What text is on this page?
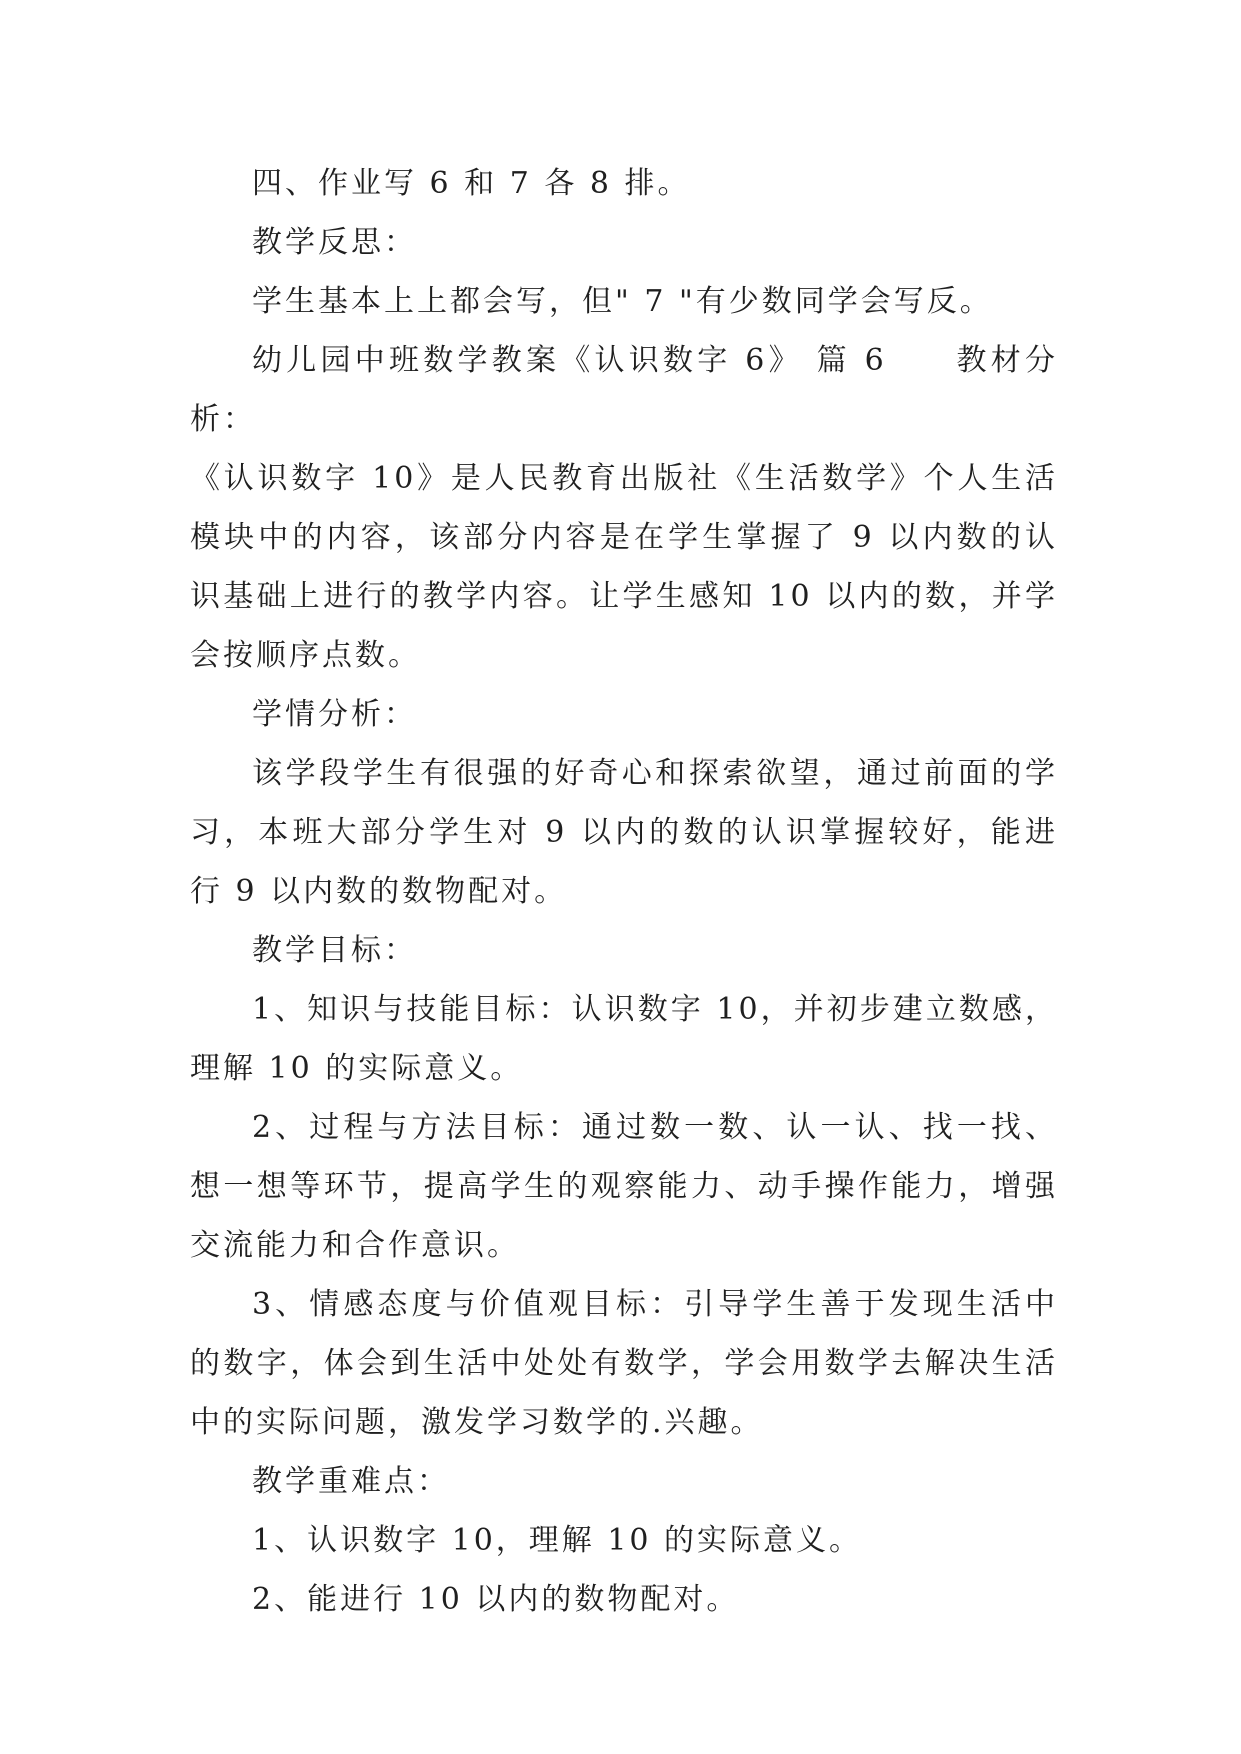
四、作业写 6 和 7 各 8 排。

教学反思：

学生基本上上都会写，但" 7 "有少数同学会写反。

幼儿园中班数学教案《认识数字 6》 篇 6　　教材分析：

《认识数字 10》是人民教育出版社《生活数学》个人生活模块中的内容，该部分内容是在学生掌握了 9 以内数的认识基础上进行的教学内容。让学生感知 10 以内的数，并学会按顺序点数。

学情分析：

该学段学生有很强的好奇心和探索欲望，通过前面的学习，本班大部分学生对 9 以内的数的认识掌握较好，能进行 9 以内数的数物配对。

教学目标：

1、知识与技能目标：认识数字 10，并初步建立数感，理解 10 的实际意义。

2、过程与方法目标：通过数一数、认一认、找一找、想一想等环节，提高学生的观察能力、动手操作能力，增强交流能力和合作意识。

3、情感态度与价值观目标：引导学生善于发现生活中的数字，体会到生活中处处有数学，学会用数学去解决生活中的实际问题，激发学习数学的.兴趣。

教学重难点：

1、认识数字 10，理解 10 的实际意义。

2、能进行 10 以内的数物配对。
